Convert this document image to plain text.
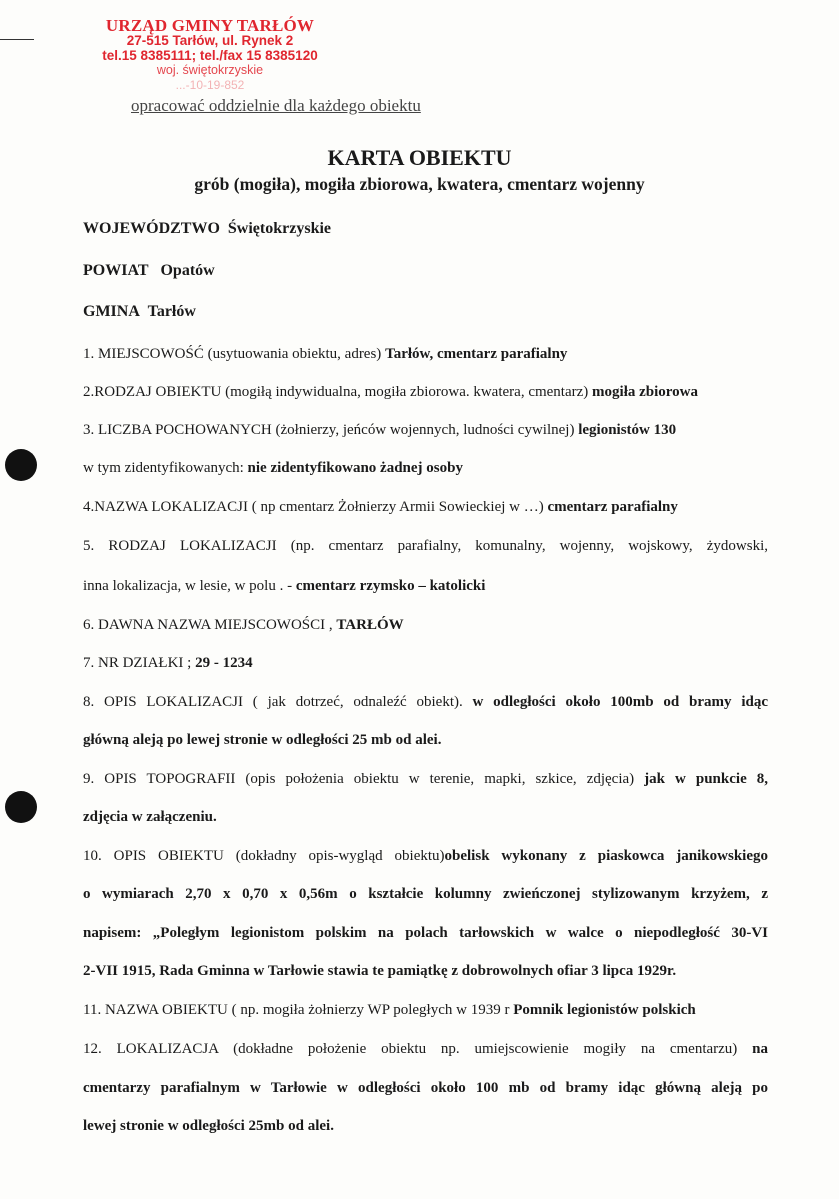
URZĄD GMINY TARŁÓW
27-515 Tarłów, ul. Rynek 2
tel.15 8385111; tel./fax 15 8385120
woj. świętokrzyskie
...-10-19-852
opracować oddzielnie dla każdego obiektu
KARTA OBIEKTU
grób (mogiła), mogiła zbiorowa, kwatera, cmentarz wojenny
WOJEWÓDZTWO Świętokrzyskie
POWIAT Opatów
GMINA Tarłów
1. MIEJSCOWOŚĆ (usytuowania obiektu, adres) Tarłów, cmentarz parafialny
2.RODZAJ OBIEKTU (mogiłą indywidualna, mogiła zbiorowa. kwatera, cmentarz) mogiła zbiorowa
3. LICZBA POCHOWANYCH (żołnierzy, jeńców wojennych, ludności cywilnej) legionistów 130
w tym zidentyfikowanych: nie zidentyfikowano żadnej osoby
4.NAZWA LOKALIZACJI ( np cmentarz Żołnierzy Armii Sowieckiej w …) cmentarz parafialny
5. RODZAJ LOKALIZACJI (np. cmentarz parafialny, komunalny, wojenny, wojskowy, żydowski,
inna lokalizacja, w lesie, w polu . - cmentarz rzymsko – katolicki
6. DAWNA NAZWA MIEJSCOWOŚCI , TARŁÓW
7. NR DZIAŁKI ; 29 - 1234
8. OPIS LOKALIZACJI ( jak dotrzeć, odnaleźć obiekt). w odległości około 100mb od bramy idąc
główną aleją po lewej stronie w odległości 25 mb od alei.
9. OPIS TOPOGRAFII (opis położenia obiektu w terenie, mapki, szkice, zdjęcia) jak w punkcie 8,
zdjęcia w załączeniu.
10. OPIS OBIEKTU (dokładny opis-wygląd obiektu)obelisk wykonany z piaskowca janikowskiego
o wymiarach 2,70 x 0,70 x 0,56m o kształcie kolumny zwieńczonej stylizowanym krzyżem, z
napisem: „Poległym legionistom polskim na polach tarłowskich w walce o niepodległość 30-VI
2-VII 1915, Rada Gminna w Tarłowie stawia te pamiątkę z dobrowolnych ofiar 3 lipca 1929r.
11. NAZWA OBIEKTU ( np. mogiła żołnierzy WP poległych w 1939 r Pomnik legionistów polskich
12. LOKALIZACJA (dokładne położenie obiektu np. umiejscowienie mogiły na cmentarzu) na
cmentarzy parafialnym w Tarłowie w odległości około 100 mb od bramy idąc główną aleją po
lewej stronie w odległości 25mb od alei.
